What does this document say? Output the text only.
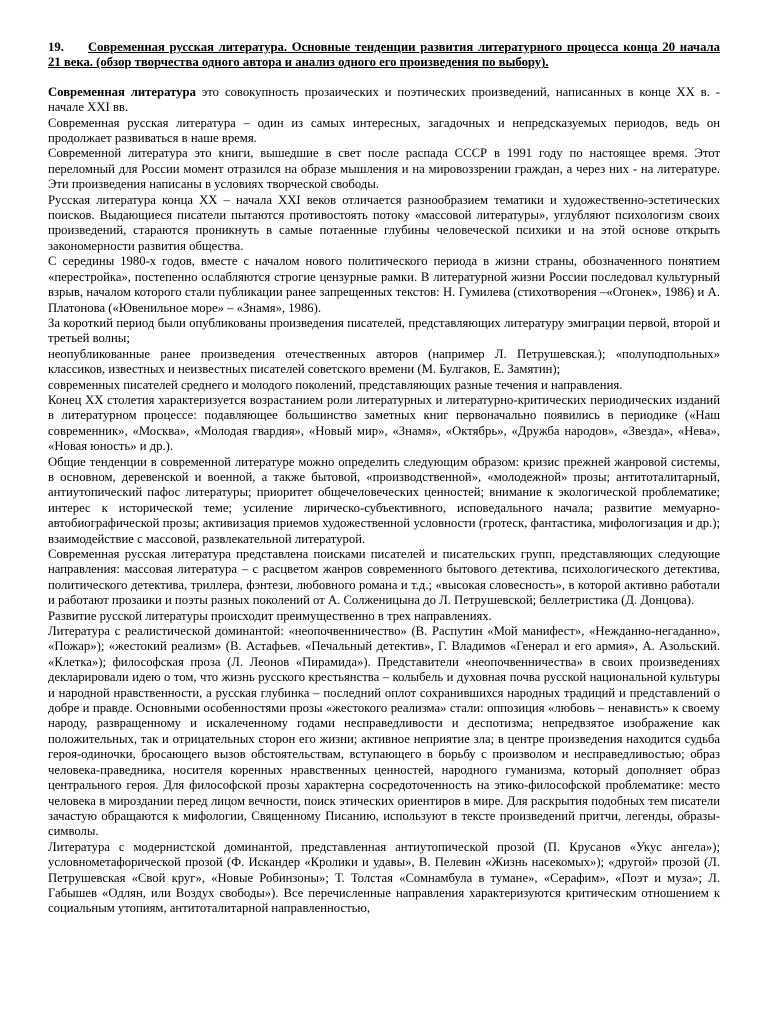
19. Современная русская литература. Основные тенденции развития литературного процесса конца 20 начала 21 века. (обзор творчества одного автора и анализ одного его произведения по выбору).

Современная литература это совокупность прозаических и поэтических произведений, написанных в конце XX в. - начале XXI вв.

Современная русская литература – один из самых интересных, загадочных и непредсказуемых периодов, ведь он продолжает развиваться в наше время.

Современной литература это книги, вышедшие в свет после распада СССР в 1991 году по настоящее время. Этот переломный для России момент отразился на образе мышления и на мировоззрении граждан, а через них - на литературе. Эти произведения написаны в условиях творческой свободы.

Русская литература конца XX – начала XXI веков отличается разнообразием тематики и художественно-эстетических поисков. Выдающиеся писатели пытаются противостоять потоку «массовой литературы», углубляют психологизм своих произведений, стараются проникнуть в самые потаенные глубины человеческой психики и на этой основе открыть закономерности развития общества.

С середины 1980-х годов, вместе с началом нового политического периода в жизни страны, обозначенного понятием «перестройка», постепенно ослабляются строгие цензурные рамки. В литературной жизни России последовал культурный взрыв, началом которого стали публикации ранее запрещенных текстов: Н. Гумилева (стихотворения –«Огонек», 1986) и А. Платонова («Ювенильное море» – «Знамя», 1986).

За короткий период были опубликованы произведения писателей, представляющих литературу эмиграции первой, второй и третьей волны;

неопубликованные ранее произведения отечественных авторов (например Л. Петрушевская.); «полуподпольных» классиков, известных и неизвестных писателей советского времени (М. Булгаков, Е. Замятин);

современных писателей среднего и молодого поколений, представляющих разные течения и направления.

Конец XX столетия характеризуется возрастанием роли литературных и литературно-критических периодических изданий в литературном процессе: подавляющее большинство заметных книг первоначально появились в периодике («Наш современник», «Москва», «Молодая гвардия», «Новый мир», «Знамя», «Октябрь», «Дружба народов», «Звезда», «Нева», «Новая юность» и др.).

Общие тенденции в современной литературе можно определить следующим образом: кризис прежней жанровой системы, в основном, деревенской и военной, а также бытовой, «производственной», «молодежной» прозы; антитоталитарный, антиутопический пафос литературы; приоритет общечеловеческих ценностей; внимание к экологической проблематике; интерес к исторической теме; усиление лирическо-субъективного, исповедального начала; развитие мемуарно-автобиографической прозы; активизация приемов художественной условности (гротеск, фантастика, мифологизация и др.); взаимодействие с массовой, развлекательной литературой.

Современная русская литература представлена поисками писателей и писательских групп, представляющих следующие направления: массовая литература – с расцветом жанров современного бытового детектива, психологического детектива, политического детектива, триллера, фэнтези, любовного романа и т.д.; «высокая словесность», в которой активно работали и работают прозаики и поэты разных поколений от А. Солженицына до Л. Петрушевской; беллетристика (Д. Донцова).

Развитие русской литературы происходит преимущественно в трех направлениях.

Литература с реалистической доминантой: «неопочвенничество» (В. Распутин «Мой манифест», «Нежданно-негаданно», «Пожар»); «жестокий реализм» (В. Астафьев. «Печальный детектив», Г. Владимов «Генерал и его армия», А. Азольский. «Клетка»); философская проза (Л. Леонов «Пирамида»). Представители «неопочвенничества» в своих произведениях декларировали идею о том, что жизнь русского крестьянства – колыбель и духовная почва русской национальной культуры и народной нравственности, а русская глубинка – последний оплот сохранившихся народных традиций и представлений о добре и правде. Основными особенностями прозы «жестокого реализма» стали: оппозиция «любовь – ненависть» к своему народу, развращенному и искалеченному годами несправедливости и деспотизма; непредвзятое изображение как положительных, так и отрицательных сторон его жизни; активное неприятие зла; в центре произведения находится судьба героя-одиночки, бросающего вызов обстоятельствам, вступающего в борьбу с произволом и несправедливостью; образ человека-праведника, носителя коренных нравственных ценностей, народного гуманизма, который дополняет образ центрального героя. Для философской прозы характерна сосредоточенность на этико-философской проблематике: место человека в мироздании перед лицом вечности, поиск этических ориентиров в мире. Для раскрытия подобных тем писатели зачастую обращаются к мифологии, Священному Писанию, используют в тексте произведений притчи, легенды, образы-символы.

Литература с модернистской доминантой, представленная антиутопической прозой (П. Крусанов «Укус ангела»); условнометафорической прозой (Ф. Искандер «Кролики и удавы», В. Пелевин «Жизнь насекомых»); «другой» прозой (Л. Петрушевская «Свой круг», «Новые Робинзоны»; Т. Толстая «Сомнамбула в тумане», «Серафим», «Поэт и муза»; Л. Габышев «Одлян, или Воздух свободы»). Все перечисленные направления характеризуются критическим отношением к социальным утопиям, антитоталитарной направленностью,
